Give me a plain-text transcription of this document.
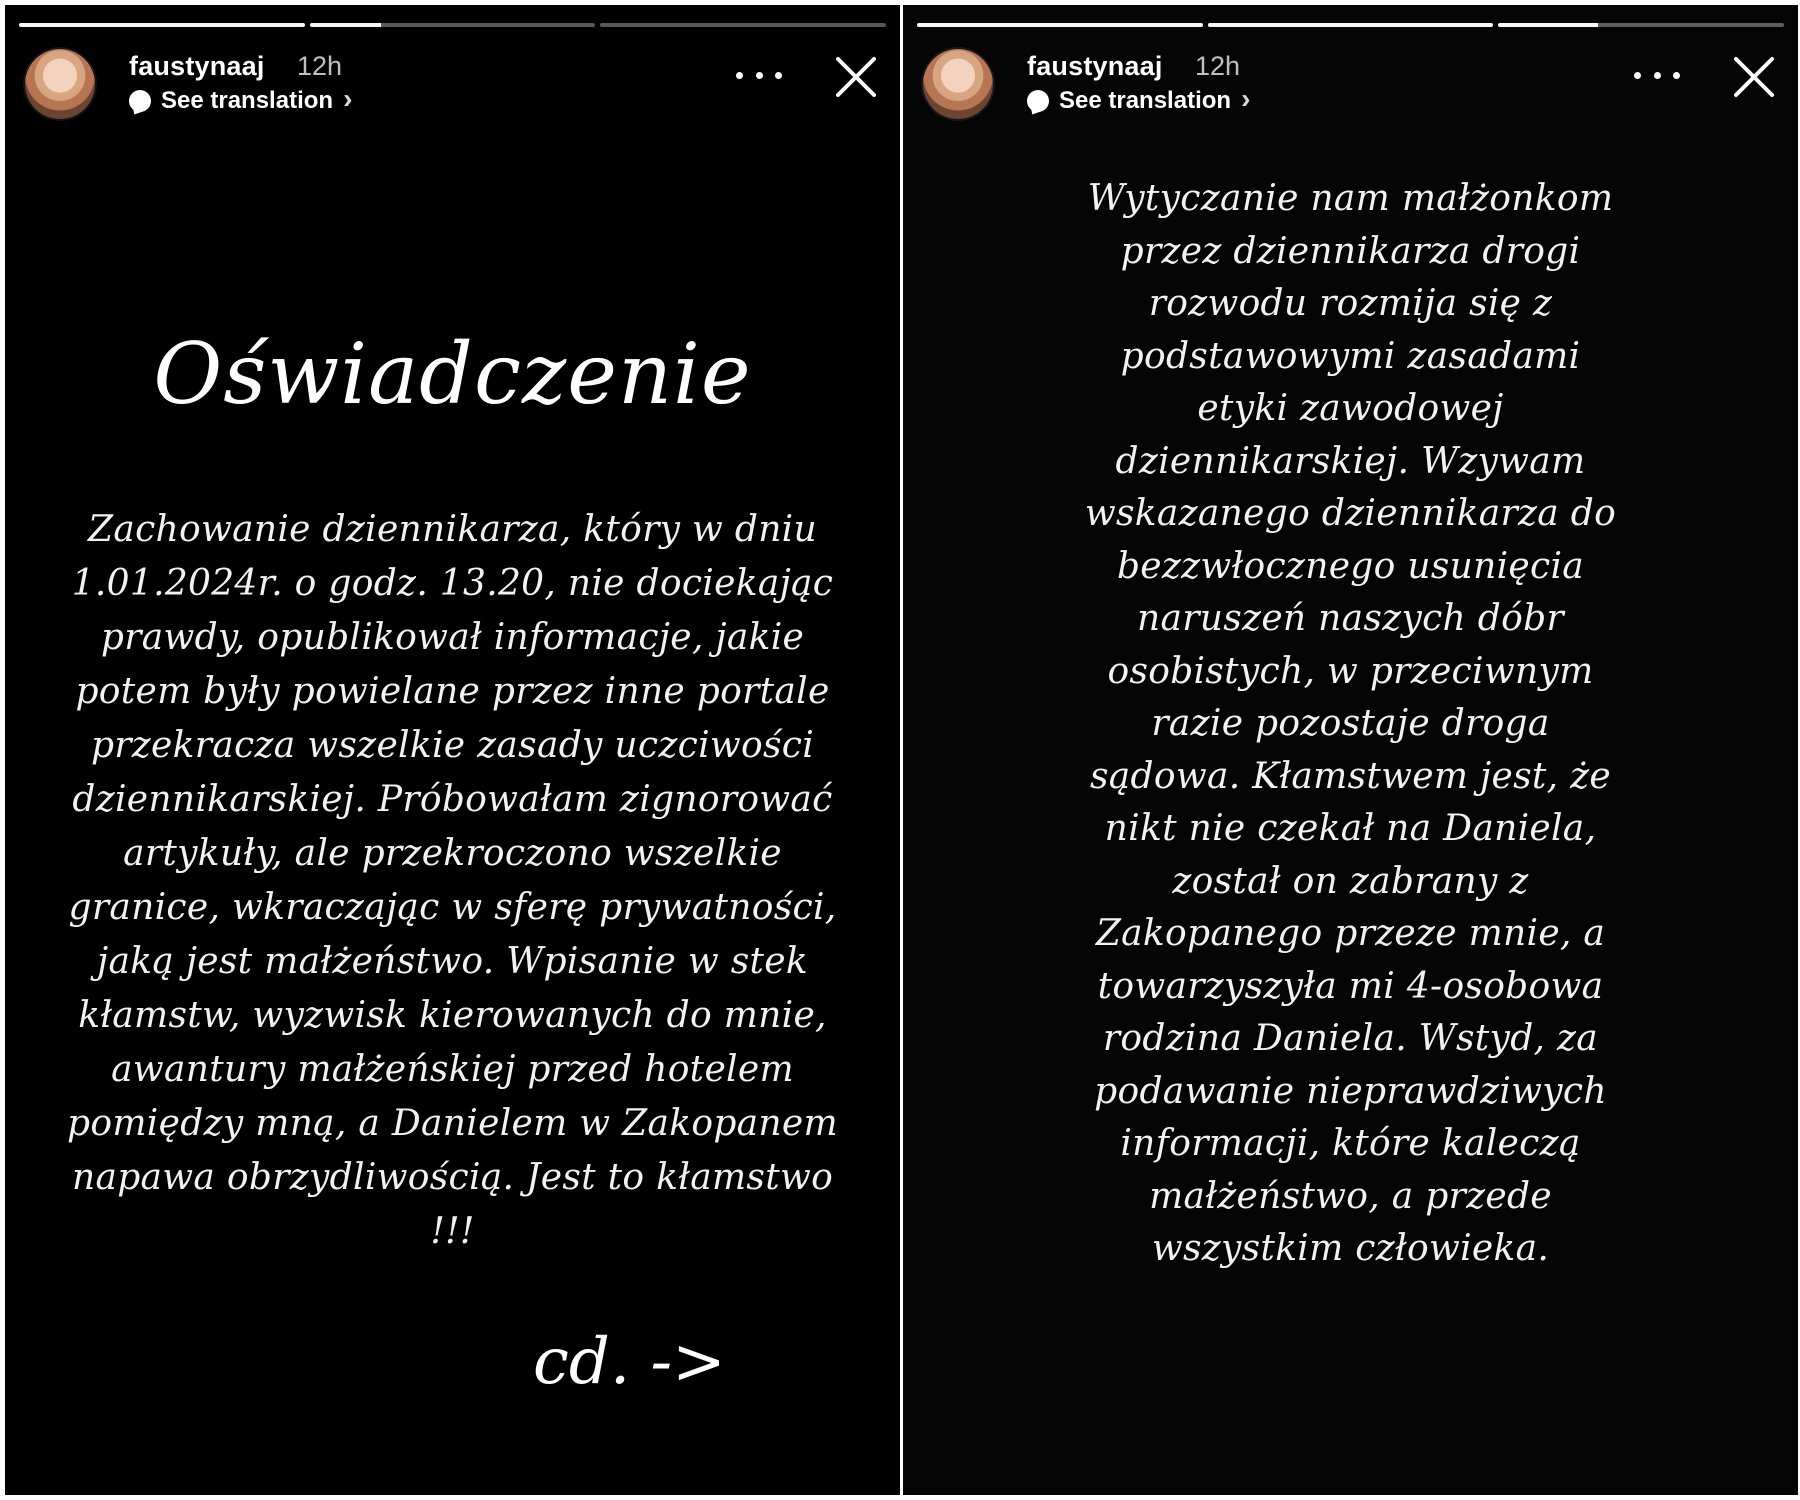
faustynaaj 12h
See translation ›

Oświadczenie

Zachowanie dziennikarza, który w dniu 1.01.2024r. o godz. 13.20, nie dociekając prawdy, opublikował informacje, jakie potem były powielane przez inne portale przekracza wszelkie zasady uczciwości dziennikarskiej. Próbowałam zignorować artykuły, ale przekroczono wszelkie granice, wkraczając w sferę prywatności, jaką jest małżeństwo. Wpisanie w stek kłamstw, wyzwisk kierowanych do mnie, awantury małżeńskiej przed hotelem pomiędzy mną, a Danielem w Zakopanem napawa obrzydliwością. Jest to kłamstwo !!!

cd. ->

faustynaaj 12h
See translation ›

Wytyczanie nam małżonkom przez dziennikarza drogi rozwodu rozmija się z podstawowymi zasadami etyki zawodowej dziennikarskiej. Wzywam wskazanego dziennikarza do bezzwłocznego usunięcia naruszeń naszych dóbr osobistych, w przeciwnym razie pozostaje droga sądowa. Kłamstwem jest, że nikt nie czekał na Daniela, został on zabrany z Zakopanego przeze mnie, a towarzyszyła mi 4-osobowa rodzina Daniela. Wstyd, za podawanie nieprawdziwych informacji, które kaleczą małżeństwo, a przede wszystkim człowieka.
